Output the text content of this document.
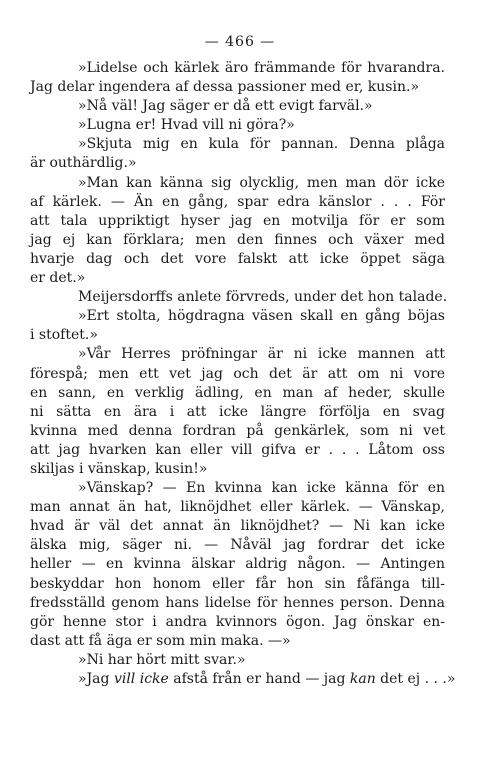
— 466 —
»Lidelse och kärlek äro främmande för hvarandra.
Jag delar ingendera af dessa passioner med er, kusin.»
»Nå väl! Jag säger er då ett evigt farväl.»
»Lugna er! Hvad vill ni göra?»
»Skjuta mig en kula för pannan. Denna plåga
är outhärdlig.»
»Man kan känna sig olycklig, men man dör icke
af kärlek. — Än en gång, spar edra känslor . . . För
att tala uppriktigt hyser jag en motvilja för er som
jag ej kan förklara; men den finnes och växer med
hvarje dag och det vore falskt att icke öppet säga
er det.»
Meijersdorffs anlete förvreds, under det hon talade.
»Ert stolta, högdragna väsen skall en gång böjas
i stoftet.»
»Vår Herres pröfningar är ni icke mannen att
förespå; men ett vet jag och det är att om ni vore
en sann, en verklig ädling, en man af heder, skulle
ni sätta en ära i att icke längre förfölja en svag
kvinna med denna fordran på genkärlek, som ni vet
att jag hvarken kan eller vill gifva er . . . Låtom oss
skiljas i vänskap, kusin!»
»Vänskap? — En kvinna kan icke känna för en
man annat än hat, liknöjdhet eller kärlek. — Vänskap,
hvad är väl det annat än liknöjdhet? — Ni kan icke
älska mig, säger ni. — Nåväl jag fordrar det icke
heller — en kvinna älskar aldrig någon. — Antingen
beskyddar hon honom eller får hon sin fåfänga till-
fredsställd genom hans lidelse för hennes person. Denna
gör henne stor i andra kvinnors ögon. Jag önskar en-
dast att få äga er som min maka. —»
»Ni har hört mitt svar.»
»Jag vill icke afstå från er hand — jag kan det ej . . .»
